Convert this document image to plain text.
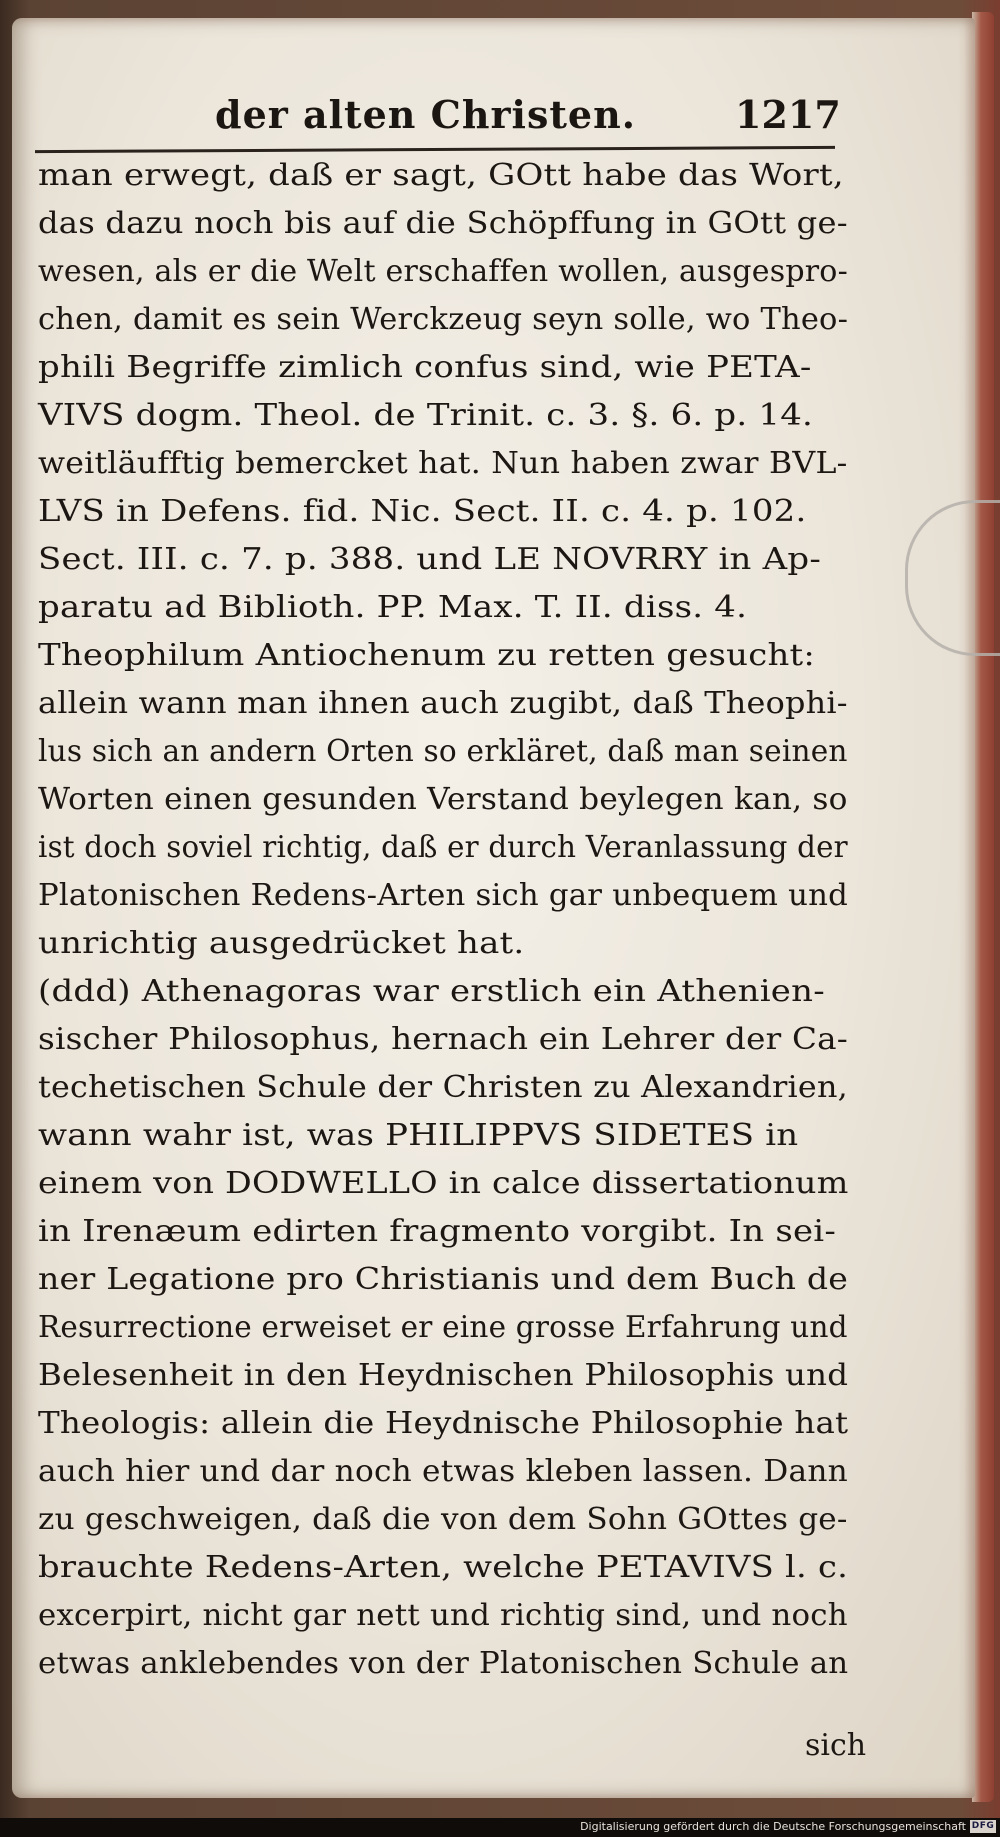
der alten Christen.	1217
man erwegt, daß er sagt, GOtt habe das Wort,
das dazu noch bis auf die Schöpffung in GOtt ge-
wesen, als er die Welt erschaffen wollen, ausgespro-
chen, damit es sein Werckzeug seyn solle, wo Theo-
phili Begriffe zimlich confus sind, wie PETA-
VIVS dogm. Theol. de Trinit. c. 3. §. 6. p. 14.
weitläufftig bemercket hat. Nun haben zwar BVL-
LVS in Defens. fid. Nic. Sect. II. c. 4. p. 102.
Sect. III. c. 7. p. 388. und LE NOVRRY in Ap-
paratu ad Biblioth. PP. Max. T. II. diss. 4.
Theophilum Antiochenum zu retten gesucht:
allein wann man ihnen auch zugibt, daß Theophi-
lus sich an andern Orten so erkläret, daß man seinen
Worten einen gesunden Verstand beylegen kan, so
ist doch soviel richtig, daß er durch Veranlassung der
Platonischen Redens-Arten sich gar unbequem und
unrichtig ausgedrücket hat.
(ddd) Athenagoras war erstlich ein Athenien-
sischer Philosophus, hernach ein Lehrer der Ca-
techetischen Schule der Christen zu Alexandrien,
wann wahr ist, was PHILIPPVS SIDETES in
einem von DODWELLO in calce dissertationum
in Irenæum edirten fragmento vorgibt. In sei-
ner Legatione pro Christianis und dem Buch de
Resurrectione erweiset er eine grosse Erfahrung und
Belesenheit in den Heydnischen Philosophis und
Theologis: allein die Heydnische Philosophie hat
auch hier und dar noch etwas kleben lassen. Dann
zu geschweigen, daß die von dem Sohn GOttes ge-
brauchte Redens-Arten, welche PETAVIVS l. c.
excerpirt, nicht gar nett und richtig sind, und noch
etwas anklebendes von der Platonischen Schule an
sich
Digitalisierung gefördert durch die Deutsche Forschungsgemeinschaft DFG
